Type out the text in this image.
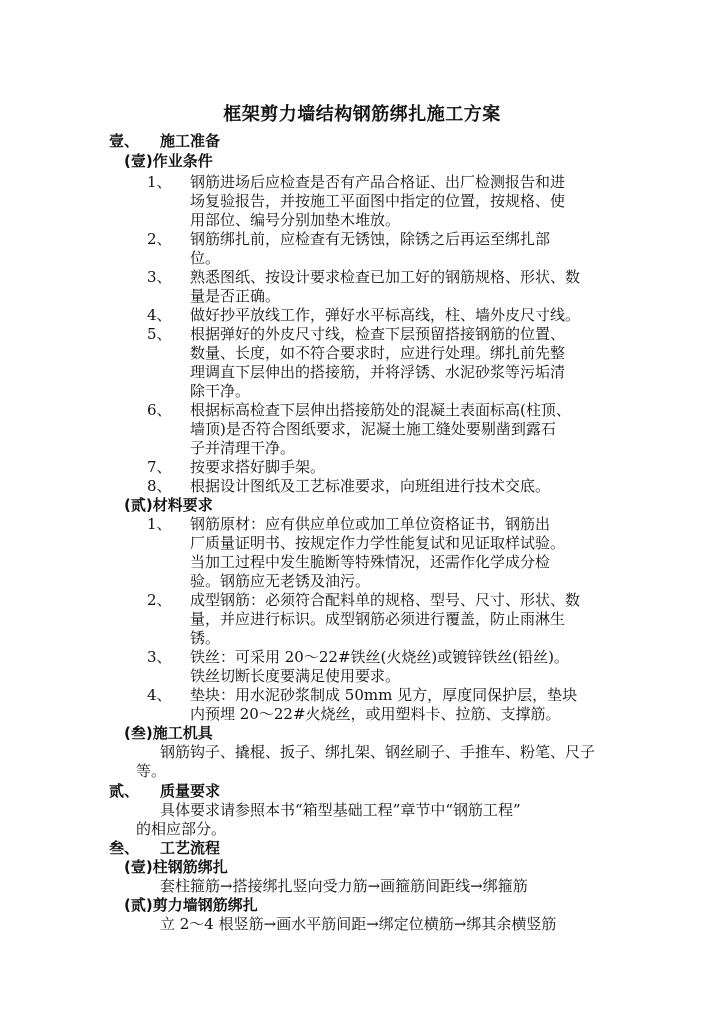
框架剪力墙结构钢筋绑扎施工方案
壹、 施工准备
(壹)作业条件
1、 钢筋进场后应检查是否有产品合格证、出厂检测报告和进
场复验报告，并按施工平面图中指定的位置，按规格、使
用部位、编号分别加垫木堆放。
2、 钢筋绑扎前，应检查有无锈蚀，除锈之后再运至绑扎部
位。
3、 熟悉图纸、按设计要求检查已加工好的钢筋规格、形状、数
量是否正确。
4、 做好抄平放线工作，弹好水平标高线，柱、墙外皮尺寸线。
5、 根据弹好的外皮尺寸线，检查下层预留搭接钢筋的位置、
数量、长度，如不符合要求时，应进行处理。绑扎前先整
理调直下层伸出的搭接筋，并将浮锈、水泥砂浆等污垢清
除干净。
6、 根据标高检查下层伸出搭接筋处的混凝土表面标高(柱顶、
墙顶)是否符合图纸要求，泥凝土施工缝处要剔凿到露石
子并清理干净。
7、 按要求搭好脚手架。
8、 根据设计图纸及工艺标准要求，向班组进行技术交底。
(贰)材料要求
1、 钢筋原材：应有供应单位或加工单位资格证书，钢筋出
厂质量证明书、按规定作力学性能复试和见证取样试验。
当加工过程中发生脆断等特殊情况，还需作化学成分检
验。钢筋应无老锈及油污。
2、 成型钢筋：必须符合配料单的规格、型号、尺寸、形状、数
量，并应进行标识。成型钢筋必须进行覆盖，防止雨淋生
锈。
3、 铁丝：可采用 20～22#铁丝(火烧丝)或镀锌铁丝(铅丝)。
铁丝切断长度要满足使用要求。
4、 垫块：用水泥砂浆制成 50mm 见方，厚度同保护层，垫块
内预埋 20～22#火烧丝，或用塑料卡、拉筋、支撑筋。
(叁)施工机具
钢筋钩子、撬棍、扳子、绑扎架、钢丝刷子、手推车、粉笔、尺子
等。
贰、 质量要求
具体要求请参照本书“箱型基础工程”章节中“钢筋工程”
的相应部分。
叁、 工艺流程
(壹)柱钢筋绑扎
套柱箍筋→搭接绑扎竖向受力筋→画箍筋间距线→绑箍筋
(贰)剪力墙钢筋绑扎
立 2～4 根竖筋→画水平筋间距→绑定位横筋→绑其余横竖筋
